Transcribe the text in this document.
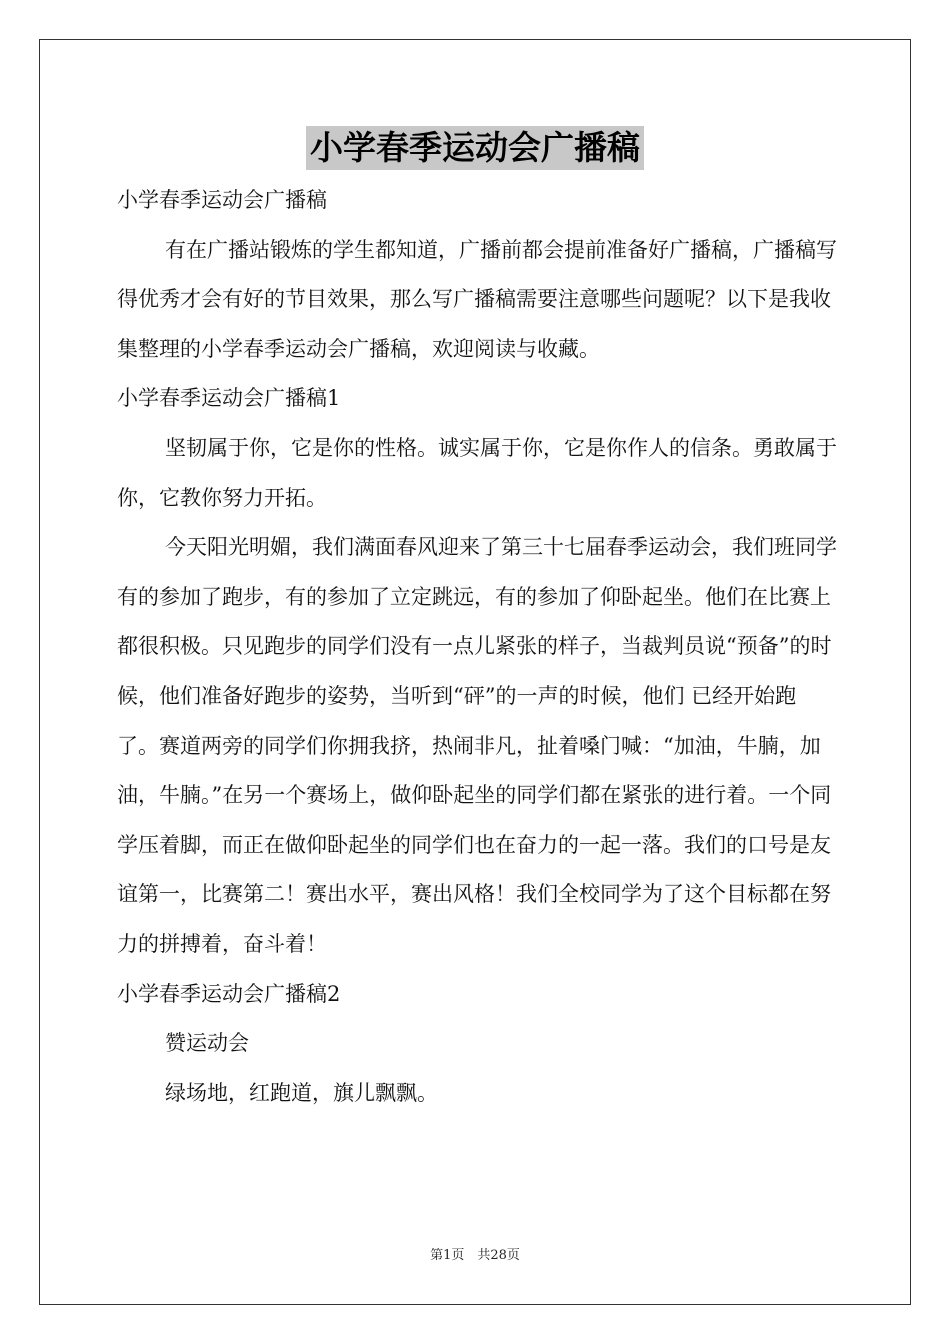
小学春季运动会广播稿

小学春季运动会广播稿

有在广播站锻炼的学生都知道，广播前都会提前准备好广播稿，广播稿写得优秀才会有好的节目效果，那么写广播稿需要注意哪些问题呢？以下是我收集整理的小学春季运动会广播稿，欢迎阅读与收藏。

小学春季运动会广播稿1

坚韧属于你，它是你的性格。诚实属于你，它是你作人的信条。勇敢属于你，它教你努力开拓。

今天阳光明媚，我们满面春风迎来了第三十七届春季运动会，我们班同学有的参加了跑步，有的参加了立定跳远，有的参加了仰卧起坐。他们在比赛上都很积极。只见跑步的同学们没有一点儿紧张的样子，当裁判员说“预备”的时候，他们准备好跑步的姿势，当听到“砰”的一声的时候，他们 已经开始跑了。赛道两旁的同学们你拥我挤，热闹非凡，扯着嗓门喊：“加油，牛腩，加油，牛腩。”在另一个赛场上，做仰卧起坐的同学们都在紧张的进行着。一个同学压着脚，而正在做仰卧起坐的同学们也在奋力的一起一落。我们的口号是友谊第一，比赛第二！赛出水平，赛出风格！我们全校同学为了这个目标都在努力的拼搏着，奋斗着！

小学春季运动会广播稿2

赞运动会

绿场地，红跑道，旗儿飘飘。

第1页　共28页
